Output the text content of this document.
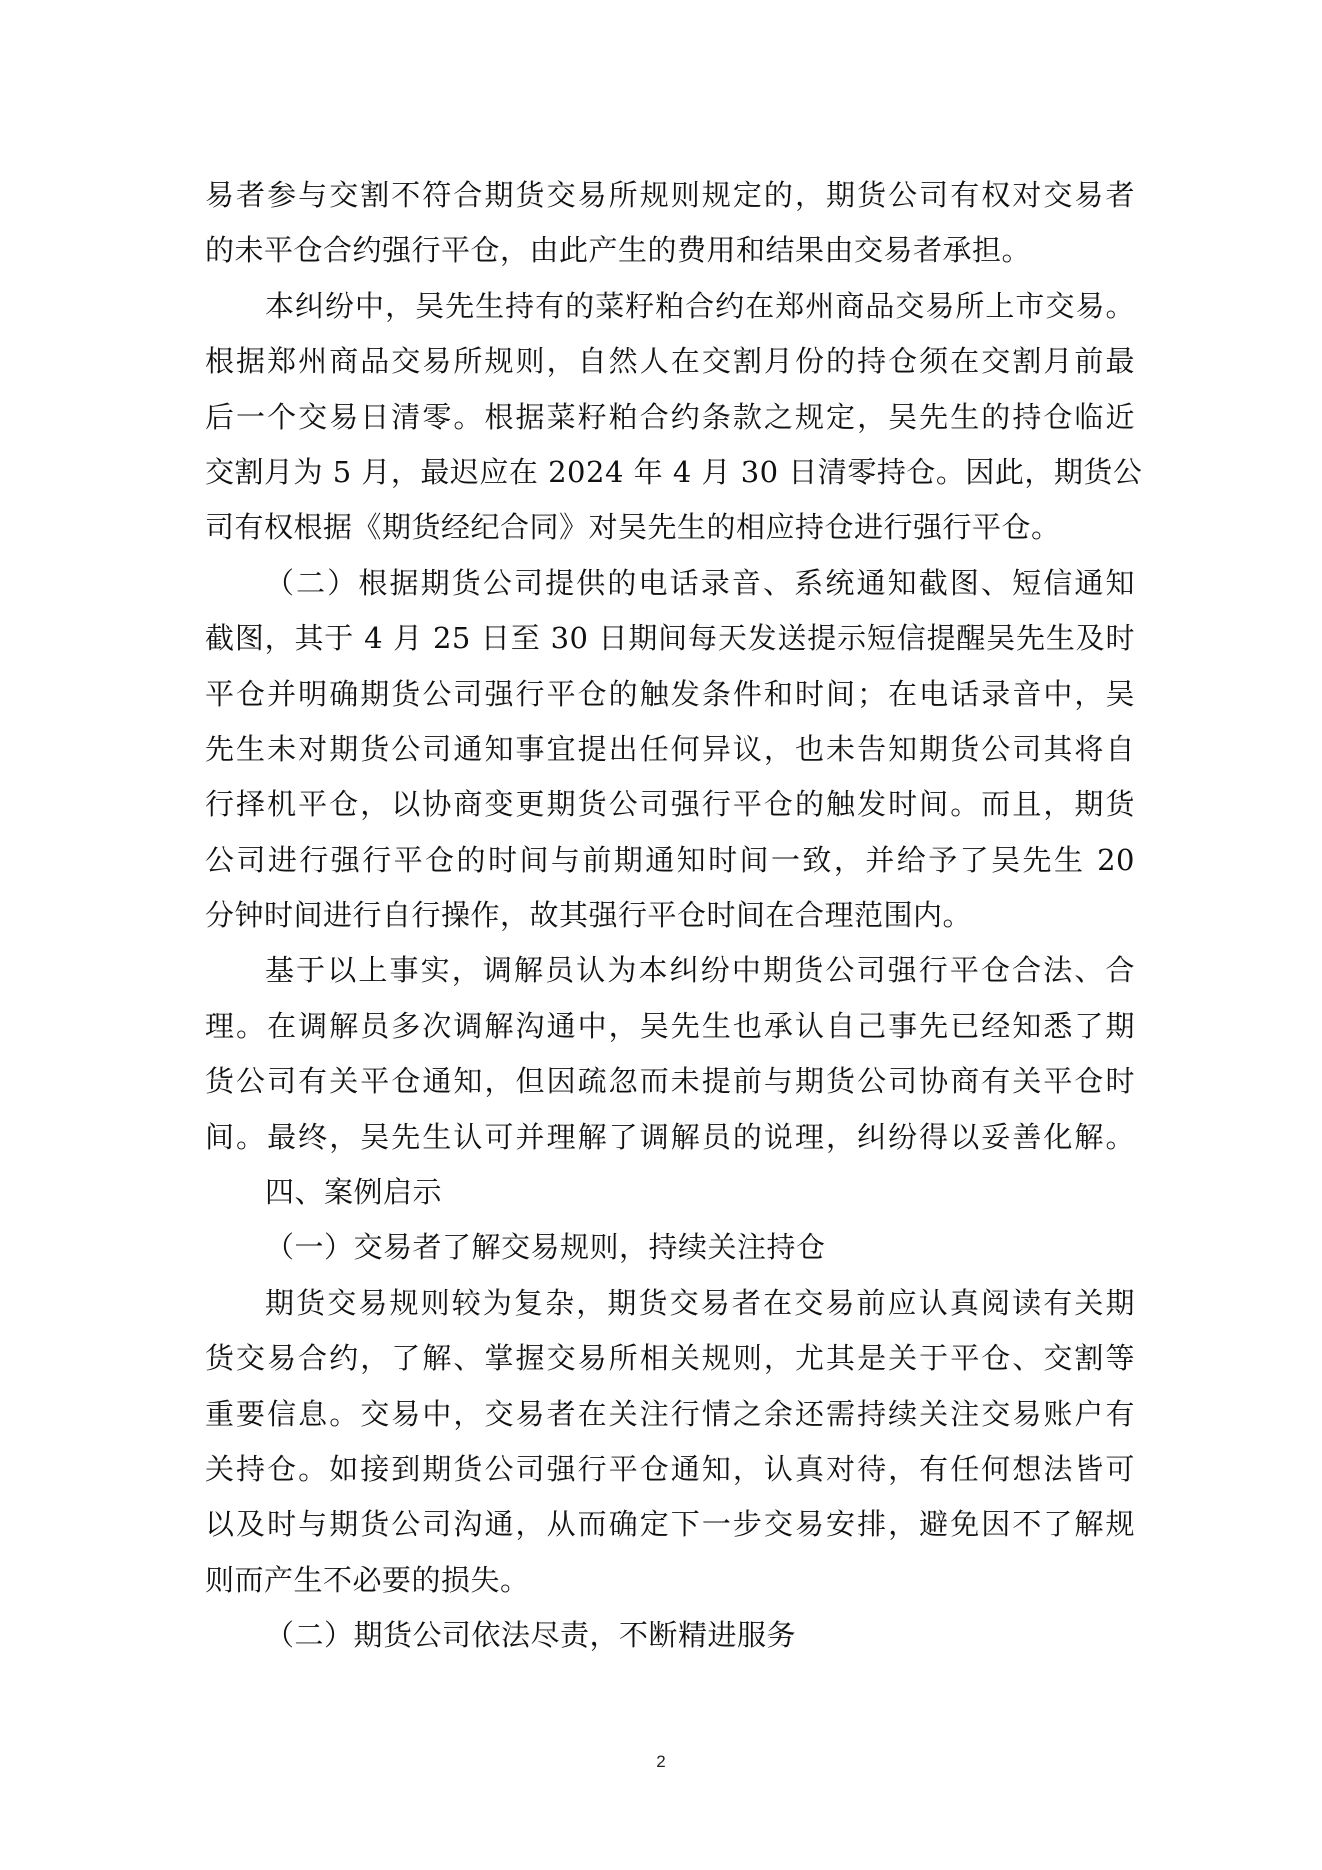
易者参与交割不符合期货交易所规则规定的，期货公司有权对交易者
的未平仓合约强行平仓，由此产生的费用和结果由交易者承担。
本纠纷中，吴先生持有的菜籽粕合约在郑州商品交易所上市交易。
根据郑州商品交易所规则，自然人在交割月份的持仓须在交割月前最
后一个交易日清零。根据菜籽粕合约条款之规定，吴先生的持仓临近
交割月为 5 月，最迟应在 2024 年 4 月 30 日清零持仓。因此，期货公
司有权根据《期货经纪合同》对吴先生的相应持仓进行强行平仓。
（二）根据期货公司提供的电话录音、系统通知截图、短信通知
截图，其于 4 月 25 日至 30 日期间每天发送提示短信提醒吴先生及时
平仓并明确期货公司强行平仓的触发条件和时间；在电话录音中，吴
先生未对期货公司通知事宜提出任何异议，也未告知期货公司其将自
行择机平仓，以协商变更期货公司强行平仓的触发时间。而且，期货
公司进行强行平仓的时间与前期通知时间一致，并给予了吴先生 20
分钟时间进行自行操作，故其强行平仓时间在合理范围内。
基于以上事实，调解员认为本纠纷中期货公司强行平仓合法、合
理。在调解员多次调解沟通中，吴先生也承认自己事先已经知悉了期
货公司有关平仓通知，但因疏忽而未提前与期货公司协商有关平仓时
间。最终，吴先生认可并理解了调解员的说理，纠纷得以妥善化解。
四、案例启示
（一）交易者了解交易规则，持续关注持仓
期货交易规则较为复杂，期货交易者在交易前应认真阅读有关期
货交易合约，了解、掌握交易所相关规则，尤其是关于平仓、交割等
重要信息。交易中，交易者在关注行情之余还需持续关注交易账户有
关持仓。如接到期货公司强行平仓通知，认真对待，有任何想法皆可
以及时与期货公司沟通，从而确定下一步交易安排，避免因不了解规
则而产生不必要的损失。
（二）期货公司依法尽责，不断精进服务
2
